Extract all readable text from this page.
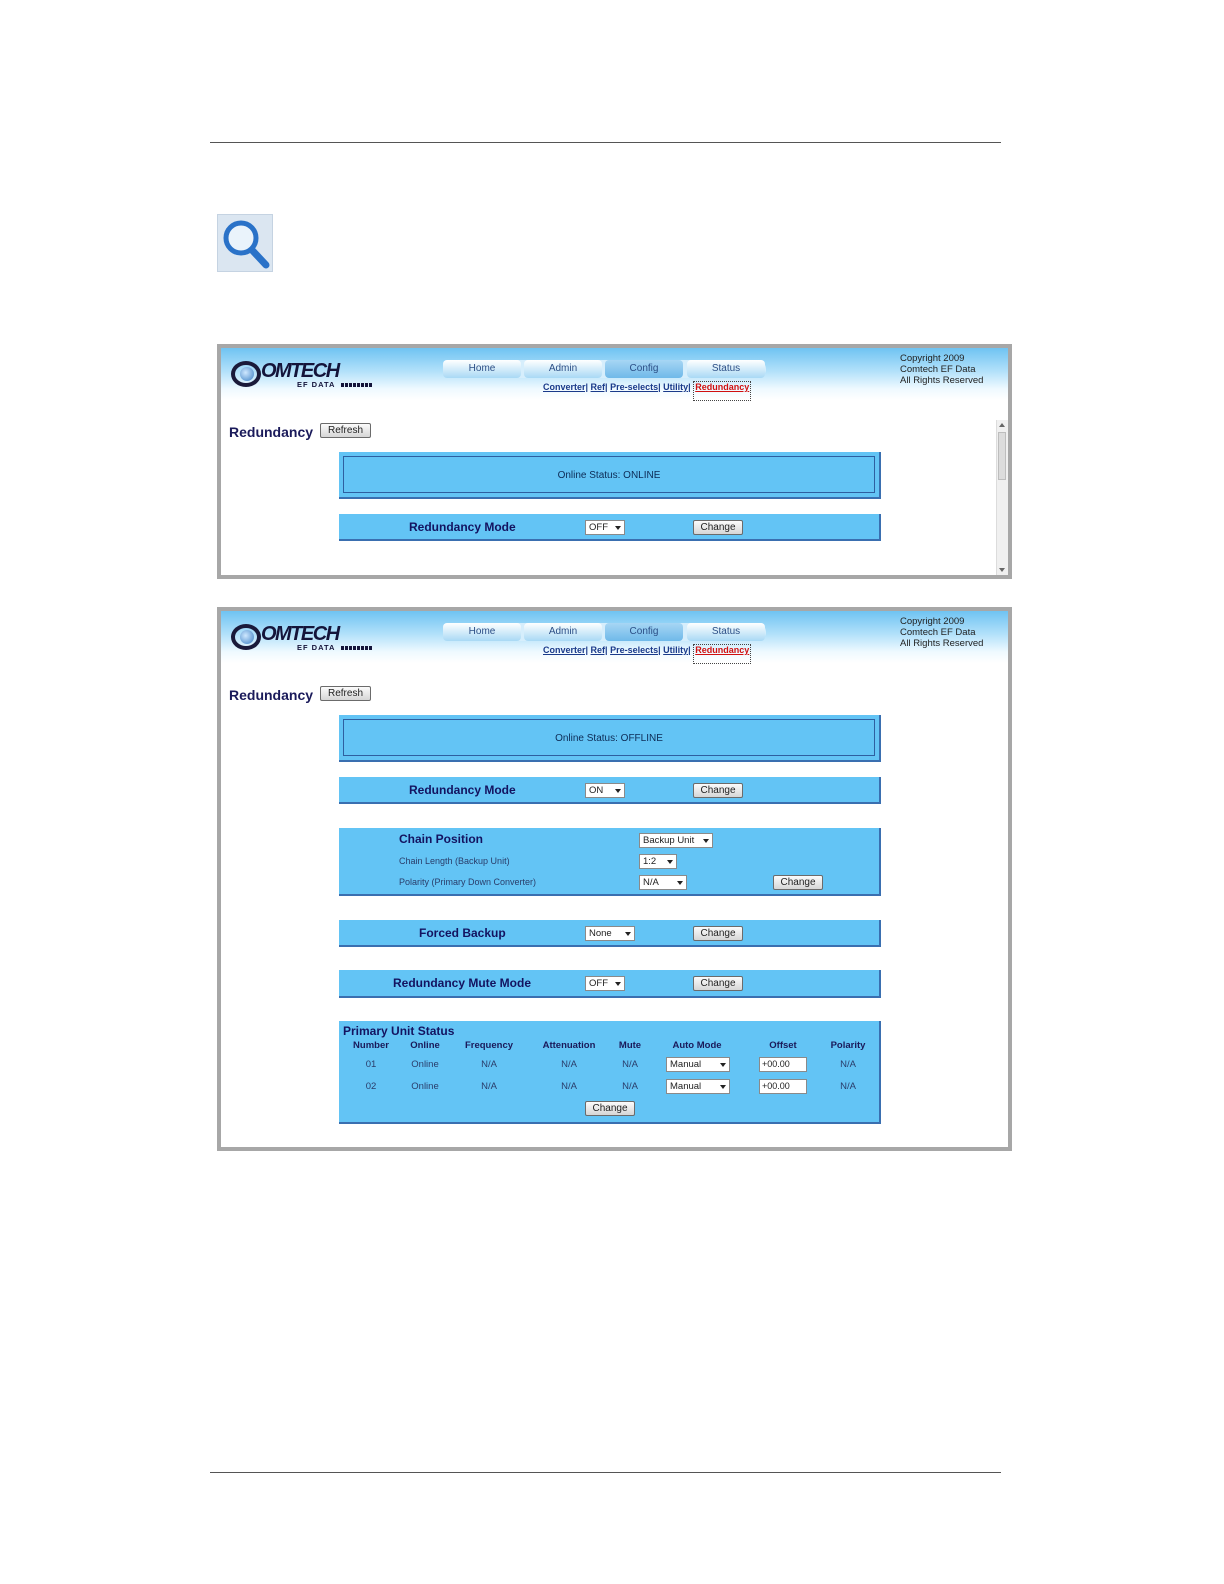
OMTECH
EF DATA
Home	Admin	Config	Status
Converter| Ref| Pre-selects| Utility| Redundancy
Copyright 2009
Comtech EF Data
All Rights Reserved
Redundancy	Refresh
Online Status: ONLINE
Redundancy Mode	OFF	Change
OMTECH
EF DATA
Home	Admin	Config	Status
Converter| Ref| Pre-selects| Utility| Redundancy
Copyright 2009
Comtech EF Data
All Rights Reserved
Redundancy	Refresh
Online Status: OFFLINE
Redundancy Mode	ON	Change
Chain Position	Backup Unit
Chain Length (Backup Unit)	1:2
Polarity (Primary Down Converter)	N/A	Change
Forced Backup	None	Change
Redundancy Mute Mode	OFF	Change
Primary Unit Status
Number	Online	Frequency	Attenuation	Mute	Auto Mode	Offset	Polarity
01	Online	N/A	N/A	N/A	Manual	+00.00	N/A
02	Online	N/A	N/A	N/A	Manual	+00.00	N/A
Change
